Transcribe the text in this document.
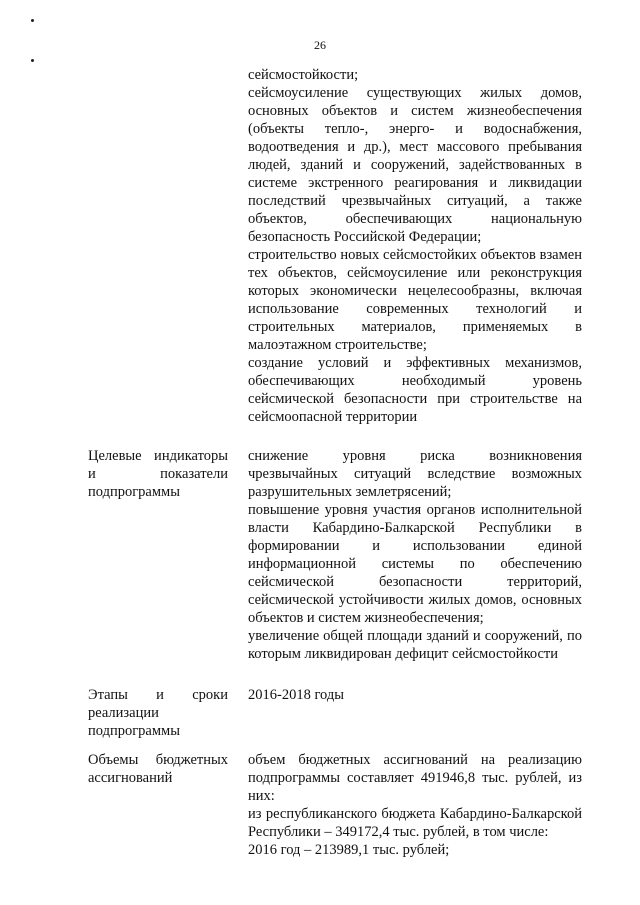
26
сейсмостойкости;
сейсмоусиление существующих жилых домов, основных объектов и систем жизнеобеспечения (объекты тепло-, энерго- и водоснабжения, водоотведения и др.), мест массового пребывания людей, зданий и сооружений, задействованных в системе экстренного реагирования и ликвидации последствий чрезвычайных ситуаций, а также объектов, обеспечивающих национальную безопасность Российской Федерации;
строительство новых сейсмостойких объектов взамен тех объектов, сейсмоусиление или реконструкция которых экономически нецелесообразны, включая использование современных технологий и строительных материалов, применяемых в малоэтажном строительстве;
создание условий и эффективных механизмов, обеспечивающих необходимый уровень сейсмической безопасности при строительстве на сейсмоопасной территории
Целевые индикаторы и показатели подпрограммы
снижение уровня риска возникновения чрезвычайных ситуаций вследствие возможных разрушительных землетрясений;
повышение уровня участия органов исполнительной власти Кабардино-Балкарской Республики в формировании и использовании единой информационной системы по обеспечению сейсмической безопасности территорий, сейсмической устойчивости жилых домов, основных объектов и систем жизнеобеспечения;
увеличение общей площади зданий и сооружений, по которым ликвидирован дефицит сейсмостойкости
Этапы и сроки реализации подпрограммы
2016-2018 годы
Объемы бюджетных ассигнований
объем бюджетных ассигнований на реализацию подпрограммы составляет 491946,8 тыс. рублей, из них:
из республиканского бюджета Кабардино-Балкарской Республики – 349172,4 тыс. рублей, в том числе:
2016 год – 213989,1 тыс. рублей;
